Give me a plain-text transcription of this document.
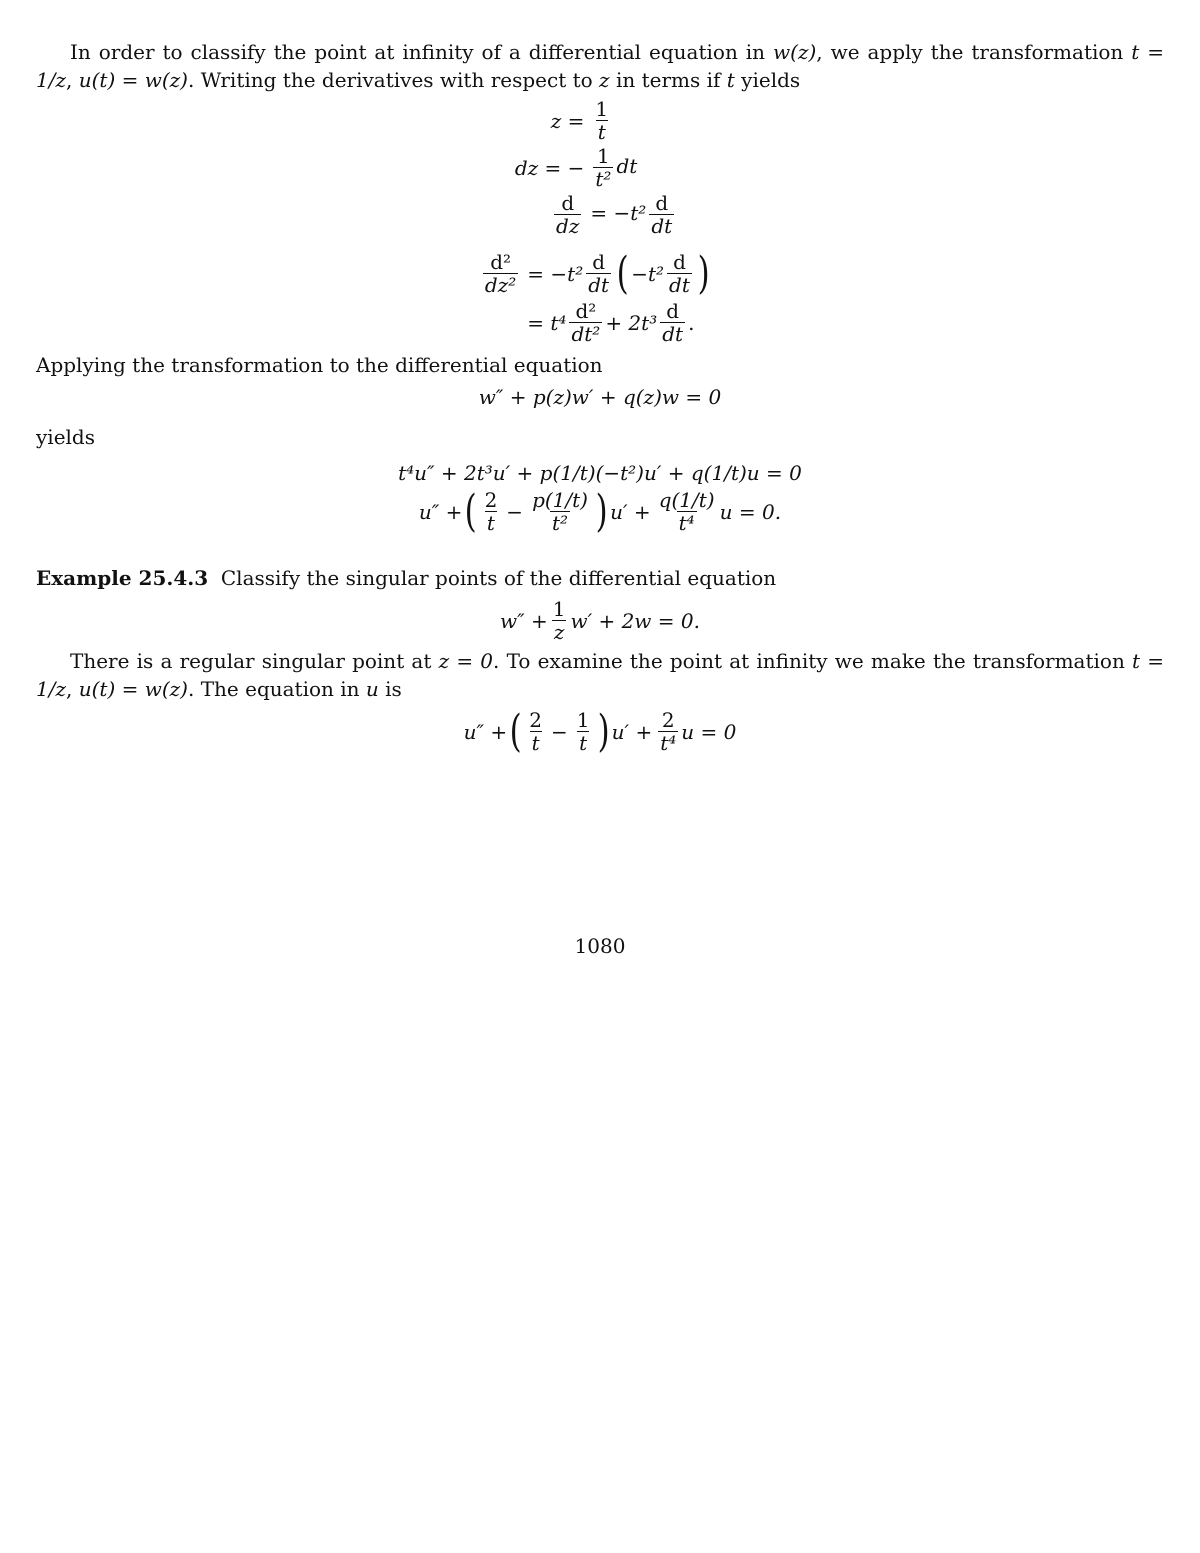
In order to classify the point at infinity of a differential equation in w(z), we apply the transformation t = 1/z, u(t) = w(z). Writing the derivatives with respect to z in terms if t yields

$z = \frac{1}{t}$
dz = − $\frac{1}{\text{t²}}$ dt
$\frac{d}{dz} = -t^2 \frac{d}{dt}$
$\frac{\text{d²}}{\text{dz²}} = -t^2 \frac{d}{dt}$ ( $-t^2 \frac{d}{dt}$ )
= $t^4 \frac{\text{d²}}{\text{dt²}} + 2t^3 \frac{d}{dt}$ .

Applying the transformation to the differential equation

w″ + p(z)w′ + q(z)w = 0

yields

t⁴u″ + 2t³u′ + p(1/t)(−t²)u′ + q(1/t)u = 0

u″ + ( $\frac{2}{t} - \frac{p(1/t)}{\text{t²}}$ ) $u' + \frac{q(1/t)}{\text{t⁴}}$ u = 0.

Example 25.4.3 Classify the singular points of the differential equation

$w'' + \frac{1}{z} w' + 2w = 0$.

There is a regular singular point at z = 0. To examine the point at infinity we make the transformation t = 1/z, u(t) = w(z). The equation in u is

u″ + ( $\frac{2}{t} - \frac{1}{t}$ ) $u' + \frac{2}{\text{t⁴}}$ u = 0
1080
